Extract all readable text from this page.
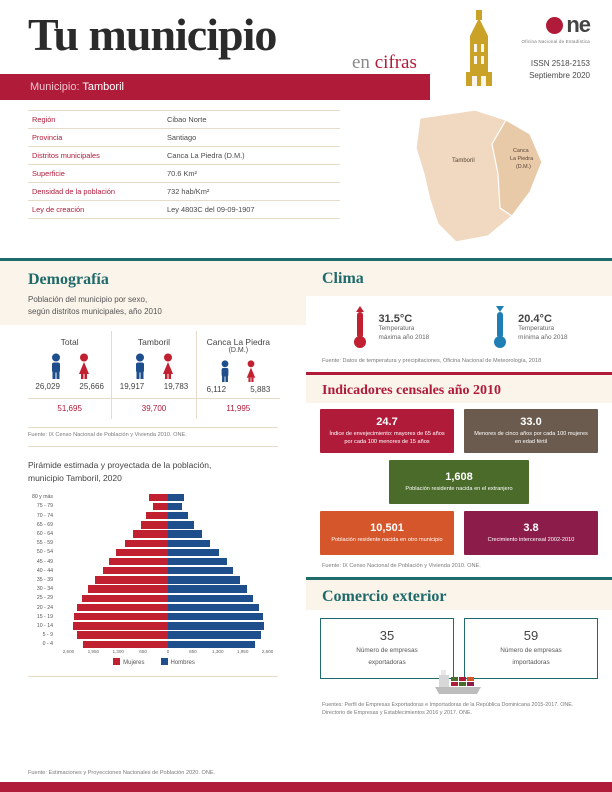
Tu municipio
en cifras
ne
Oficina Nacional de Estadística
ISSN 2518-2153
Septiembre 2020
Municipio: Tamboril
Región	Cibao Norte
Provincia	Santiago
Distritos municipales	Canca La Piedra (D.M.)
Superficie	70.6 Km²
Densidad de la población	732 hab/Km²
Ley de creación	Ley 4803C del 09-09-1907
Tamboril
Canca
La Piedra
(D.M.)
Demografía
Población del municipio por sexo,
según distritos municipales, año 2010
Total
26,029	25,666
Tamboril
19,917	19,783
Canca La Piedra
(D.M.)
6,112	5,883
51,695	39,700	11,995
Fuente: IX Censo Nacional de Población y Vivienda 2010. ONE.
Pirámide estimada y proyectada de la población,
municipio Tamboril, 2020
80 y más
75 - 79
70 - 74
65 - 69
60 - 64
55 - 59
50 - 54
45 - 49
40 - 44
35 - 39
30 - 34
25 - 29
20 - 24
15 - 19
10 - 14
5 - 9
0 - 4
2,600	1,950	1,300	650	0	650	1,300	1,950	2,600
Mujeres	Hombres
Fuente: Estimaciones y Proyecciones Nacionales de Población 2020. ONE.
Clima
31.5°C
Temperatura
máxima año 2018
20.4°C
Temperatura
mínima año 2018
Fuente: Datos de temperatura y precipitaciones, Oficina Nacional de Meteorología, 2018
Indicadores censales año 2010
24.7
Índice de envejecimiento: mayores de 65 años por cada 100 menores de 15 años
33.0
Menores de cinco años por cada 100 mujeres en edad fértil
1,608
Población residente nacida en el extranjero
10,501
Población residente nacida en otro municipio
3.8
Crecimiento intercensal 2002-2010
Fuente: IX Censo Nacional de Población y Vivienda 2010. ONE.
Comercio exterior
35
Número de empresas
exportadoras
59
Número de empresas
importadoras
Fuentes: Perfil de Empresas Exportadoras e Importadoras de la República Dominicana 2015-2017. ONE.
Directorio de Empresas y Establecimientos 2016 y 2017. ONE.
